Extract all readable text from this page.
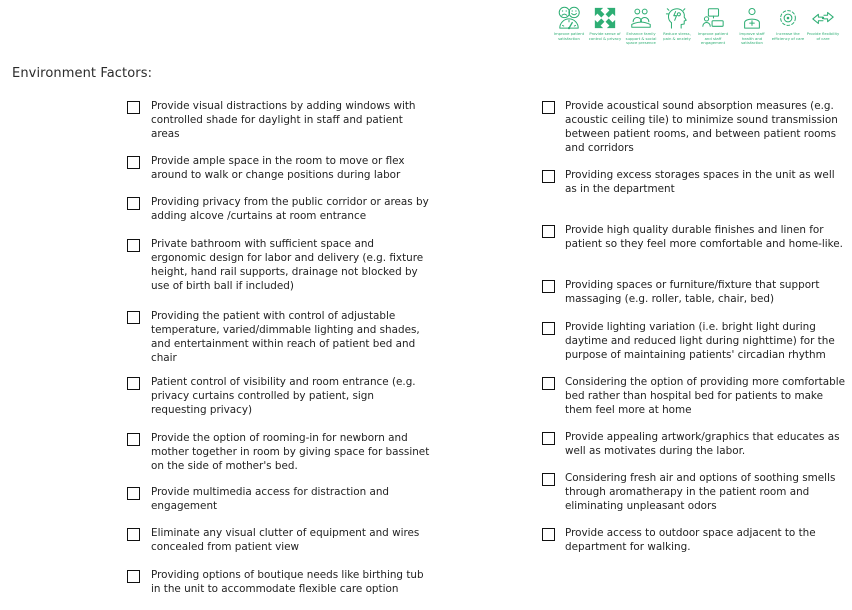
Improve patient satisfaction
Provide sense of control & privacy
Enhance family support & social space presence
Reduce stress, pain & anxiety
Improve patient and staff engagement
Improve staff health and satisfaction
Increase the efficiency of care
Provide flexibility of care
Environment Factors:
Provide visual distractions by adding windows with controlled shade for daylight in staff and patient areas
Provide ample space in the room to move or flex around to walk or change positions during labor
Providing privacy from the public corridor or areas by adding alcove /curtains at room entrance
Private bathroom with sufficient space and ergonomic design for labor and delivery (e.g. fixture height, hand rail supports, drainage not blocked by use of birth ball if included)
Providing the patient with control of adjustable temperature, varied/dimmable lighting and shades, and entertainment within reach of patient bed and chair
Patient control of visibility and room entrance (e.g. privacy curtains controlled by patient, sign requesting privacy)
Provide the option of rooming-in for newborn and mother together in room by giving space for bassinet on the side of mother's bed.
Provide multimedia access for distraction and engagement
Eliminate any visual clutter of equipment and wires concealed from patient view
Providing options of boutique needs like birthing tub in the unit to accommodate flexible care option
Provide acoustical sound absorption measures (e.g. acoustic ceiling tile) to minimize sound transmission between patient rooms, and between patient rooms and corridors
Providing excess storages spaces in the unit as well as in the department
Provide high quality durable finishes and linen for patient so they feel more comfortable and home-like.
Providing spaces or furniture/fixture that support massaging (e.g. roller, table, chair, bed)
Provide lighting variation (i.e. bright light during daytime and reduced light during nighttime) for the purpose of maintaining patients' circadian rhythm
Considering the option of providing more comfortable bed rather than hospital bed for patients to make them feel more at home
Provide appealing artwork/graphics that educates as well as motivates during the labor.
Considering fresh air and options of soothing smells through aromatherapy in the patient room and eliminating unpleasant odors
Provide access to outdoor space adjacent to the department for walking.
